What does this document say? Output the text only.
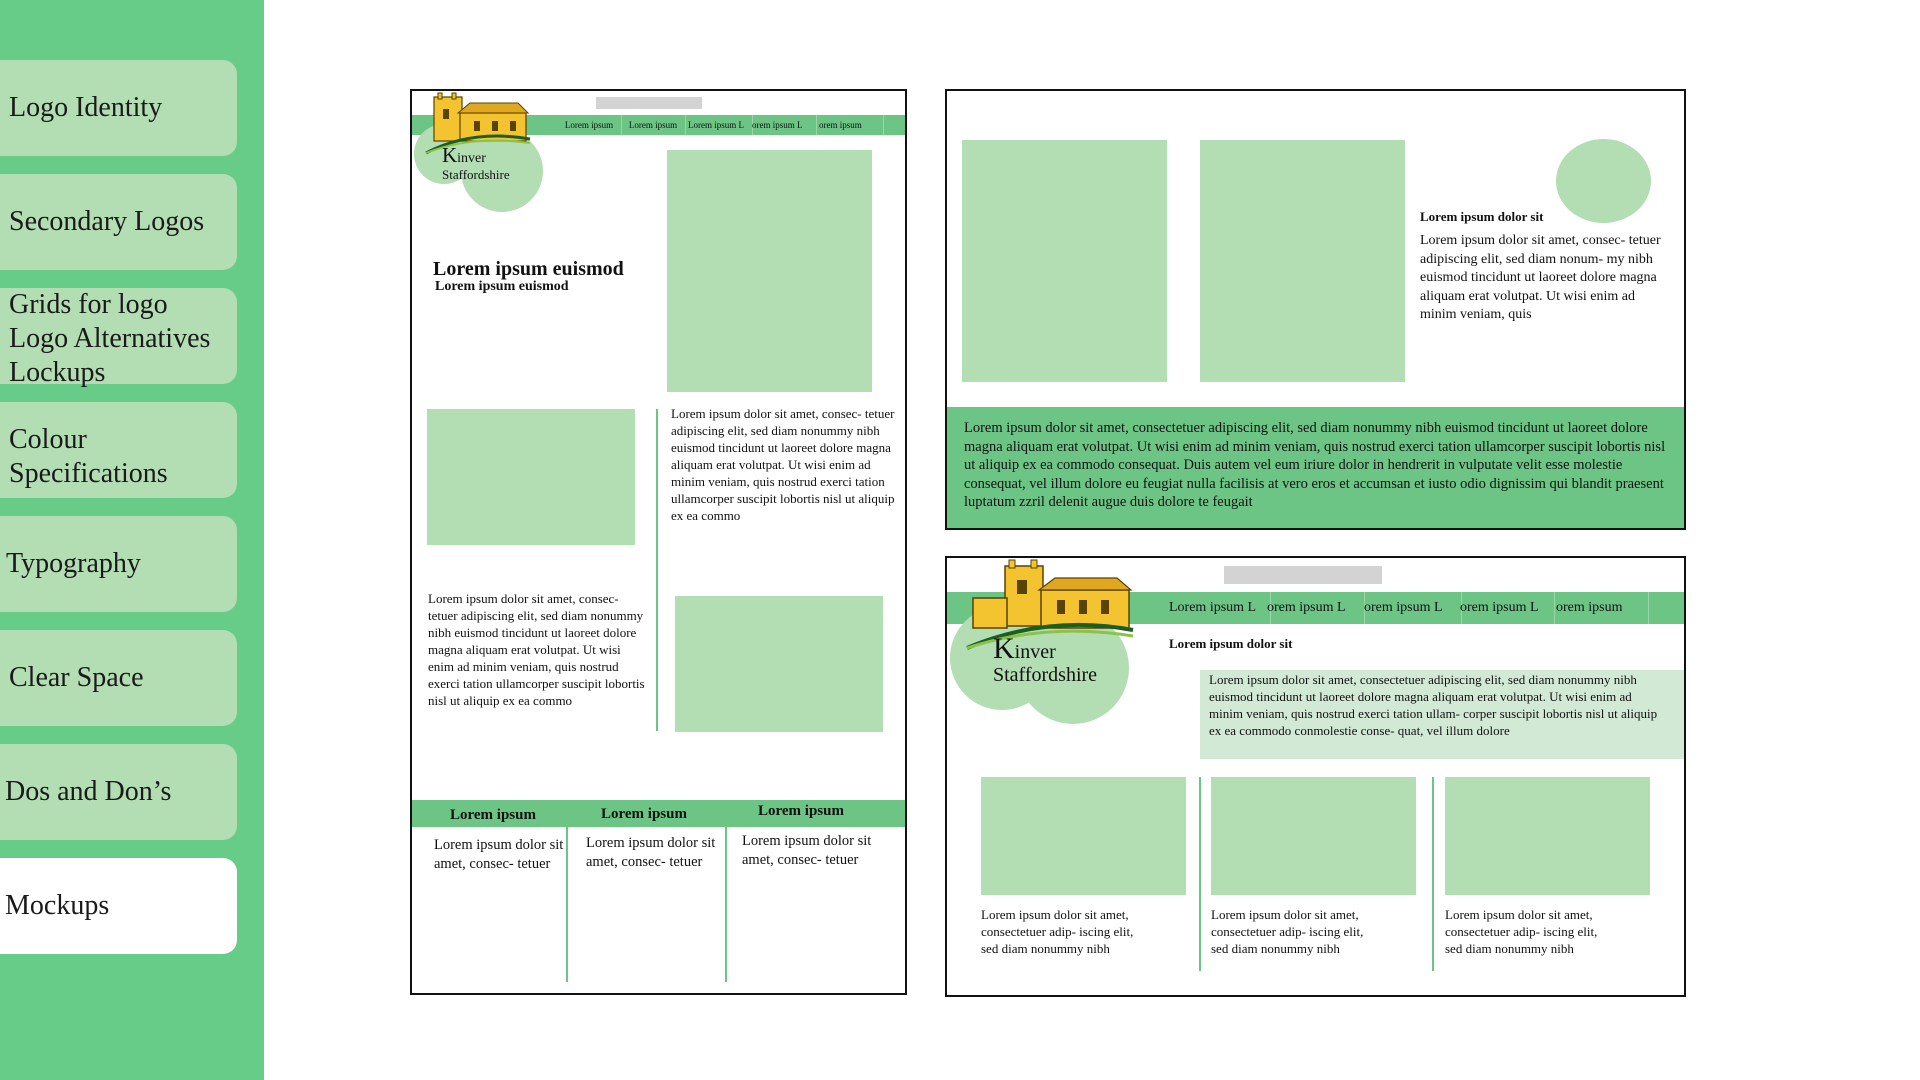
Logo Identity
Secondary Logos
Grids for logo
Logo Alternatives
Lockups
Colour
Specifications
Typography
Clear Space
Dos and Don’s
Mockups
Lorem ipsum Lorem ipsum Lorem ipsum L orem ipsum L orem ipsum
Kinver
Staffordshire
Lorem ipsum euismod
Lorem ipsum euismod
Lorem ipsum dolor sit amet, consec- tetuer adipiscing elit, sed diam nonummy nibh euismod tincidunt ut laoreet dolore magna aliquam erat volutpat. Ut wisi enim ad minim veniam, quis nostrud exerci tation ullamcorper suscipit lobortis nisl ut aliquip ex ea commo
Lorem ipsum dolor sit amet, consec- tetuer adipiscing elit, sed diam nonummy nibh euismod tincidunt ut laoreet dolore magna aliquam erat volutpat. Ut wisi enim ad minim veniam, quis nostrud exerci tation ullamcorper suscipit lobortis nisl ut aliquip ex ea commo
Lorem ipsum	Lorem ipsum	Lorem ipsum
Lorem ipsum dolor sit amet, consec- tetuer
Lorem ipsum dolor sit amet, consec- tetuer
Lorem ipsum dolor sit amet, consec- tetuer
Lorem ipsum dolor sit
Lorem ipsum dolor sit amet, consec- tetuer adipiscing elit, sed diam nonum- my nibh euismod tincidunt ut laoreet dolore magna aliquam erat volutpat. Ut wisi enim ad minim veniam, quis
Lorem ipsum dolor sit amet, consectetuer adipiscing elit, sed diam nonummy nibh euismod tincidunt ut laoreet dolore magna aliquam erat volutpat. Ut wisi enim ad minim veniam, quis nostrud exerci tation ullamcorper suscipit lobortis nisl ut aliquip ex ea commodo consequat. Duis autem vel eum iriure dolor in hendrerit in vulputate velit esse molestie consequat, vel illum dolore eu feugiat nulla facilisis at vero eros et accumsan et iusto odio dignissim qui blandit praesent luptatum zzril delenit augue duis dolore te feugait
Lorem ipsum L orem ipsum L orem ipsum L orem ipsum L orem ipsum
Kinver
Staffordshire
Lorem ipsum dolor sit
Lorem ipsum dolor sit amet, consectetuer adipiscing elit, sed diam nonummy nibh euismod tincidunt ut laoreet dolore magna aliquam erat volutpat. Ut wisi enim ad minim veniam, quis nostrud exerci tation ullam- corper suscipit lobortis nisl ut aliquip ex ea commodo conmolestie conse- quat, vel illum dolore
Lorem ipsum dolor sit amet, consectetuer adip- iscing elit, sed diam nonummy nibh
Lorem ipsum dolor sit amet, consectetuer adip- iscing elit, sed diam nonummy nibh
Lorem ipsum dolor sit amet, consectetuer adip- iscing elit, sed diam nonummy nibh
